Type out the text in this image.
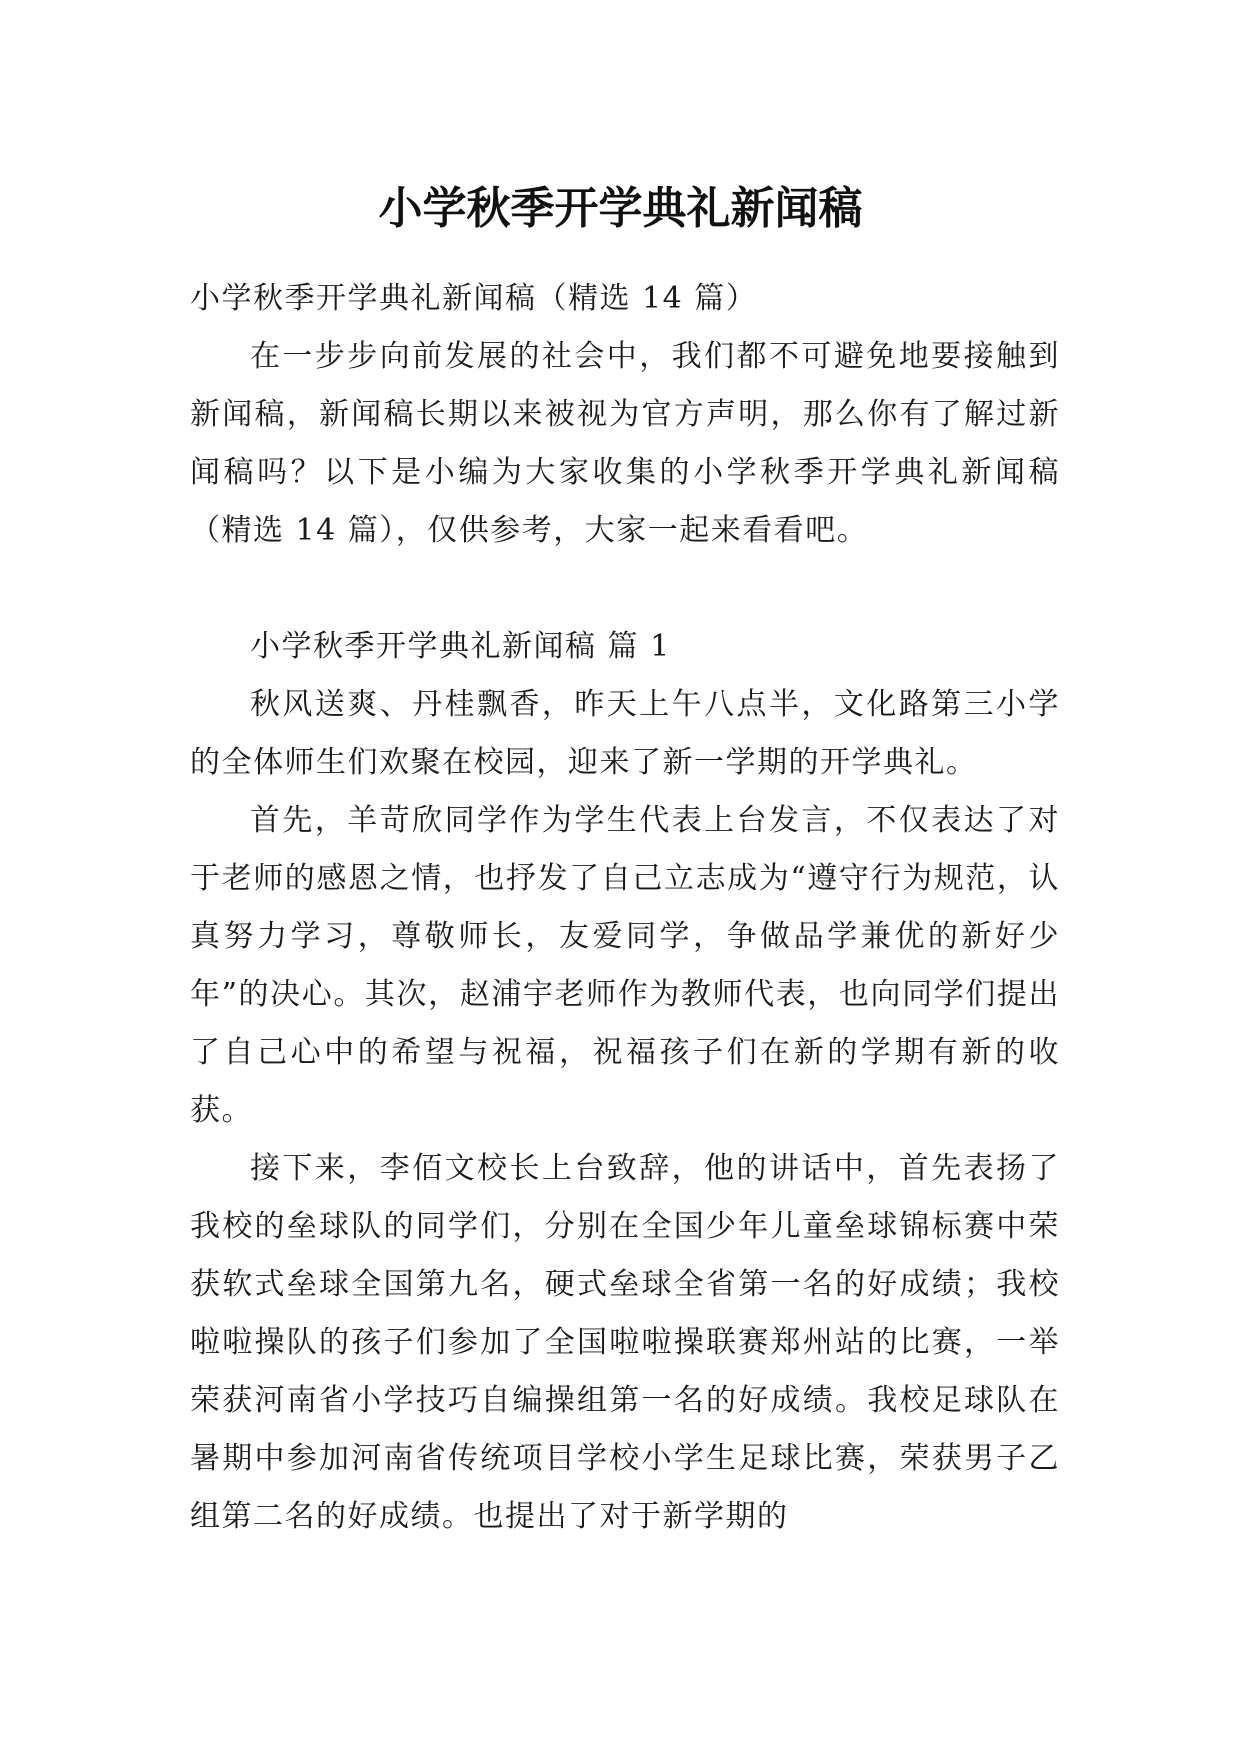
小学秋季开学典礼新闻稿

小学秋季开学典礼新闻稿（精选 14 篇）

在一步步向前发展的社会中，我们都不可避免地要接触到新闻稿，新闻稿长期以来被视为官方声明，那么你有了解过新闻稿吗？以下是小编为大家收集的小学秋季开学典礼新闻稿（精选 14 篇），仅供参考，大家一起来看看吧。

小学秋季开学典礼新闻稿 篇 1

秋风送爽、丹桂飘香，昨天上午八点半，文化路第三小学的全体师生们欢聚在校园，迎来了新一学期的开学典礼。

首先，羊苛欣同学作为学生代表上台发言，不仅表达了对于老师的感恩之情，也抒发了自己立志成为“遵守行为规范，认真努力学习，尊敬师长，友爱同学，争做品学兼优的新好少年”的决心。其次，赵浦宇老师作为教师代表，也向同学们提出了自己心中的希望与祝福，祝福孩子们在新的学期有新的收获。

接下来，李佰文校长上台致辞，他的讲话中，首先表扬了我校的垒球队的同学们，分别在全国少年儿童垒球锦标赛中荣获软式垒球全国第九名，硬式垒球全省第一名的好成绩；我校啦啦操队的孩子们参加了全国啦啦操联赛郑州站的比赛，一举荣获河南省小学技巧自编操组第一名的好成绩。我校足球队在暑期中参加河南省传统项目学校小学生足球比赛，荣获男子乙组第二名的好成绩。也提出了对于新学期的
